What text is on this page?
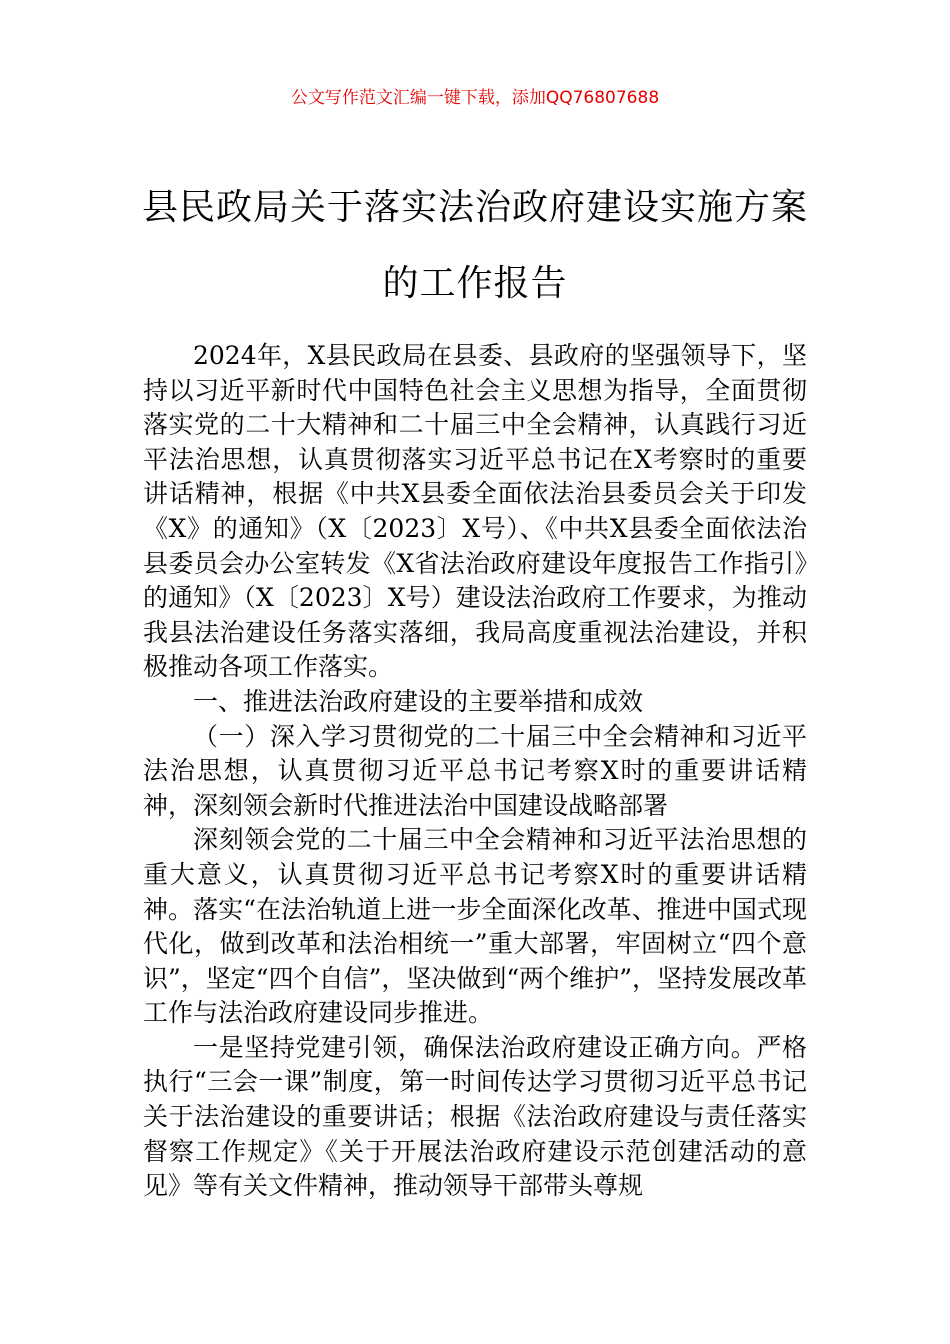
公文写作范文汇编一键下载，添加QQ76807688
县民政局关于落实法治政府建设实施方案
的工作报告

2024年，X县民政局在县委、县政府的坚强领导下，坚持以习近平新时代中国特色社会主义思想为指导，全面贯彻落实党的二十大精神和二十届三中全会精神，认真践行习近平法治思想，认真贯彻落实习近平总书记在X考察时的重要讲话精神，根据《中共X县委全面依法治县委员会关于印发《X》的通知》（X〔2023〕X号）、《中共X县委全面依法治县委员会办公室转发《X省法治政府建设年度报告工作指引》的通知》（X〔2023〕X号）建设法治政府工作要求，为推动我县法治建设任务落实落细，我局高度重视法治建设，并积极推动各项工作落实。

一、推进法治政府建设的主要举措和成效

（一）深入学习贯彻党的二十届三中全会精神和习近平法治思想，认真贯彻习近平总书记考察X时的重要讲话精神，深刻领会新时代推进法治中国建设战略部署

深刻领会党的二十届三中全会精神和习近平法治思想的重大意义，认真贯彻习近平总书记考察X时的重要讲话精神。落实“在法治轨道上进一步全面深化改革、推进中国式现代化，做到改革和法治相统一”重大部署，牢固树立“四个意识”，坚定“四个自信”，坚决做到“两个维护”，坚持发展改革工作与法治政府建设同步推进。

一是坚持党建引领，确保法治政府建设正确方向。严格执行“三会一课”制度，第一时间传达学习贯彻习近平总书记关于法治建设的重要讲话；根据《法治政府建设与责任落实督察工作规定》《关于开展法治政府建设示范创建活动的意见》等有关文件精神，推动领导干部带头尊规
